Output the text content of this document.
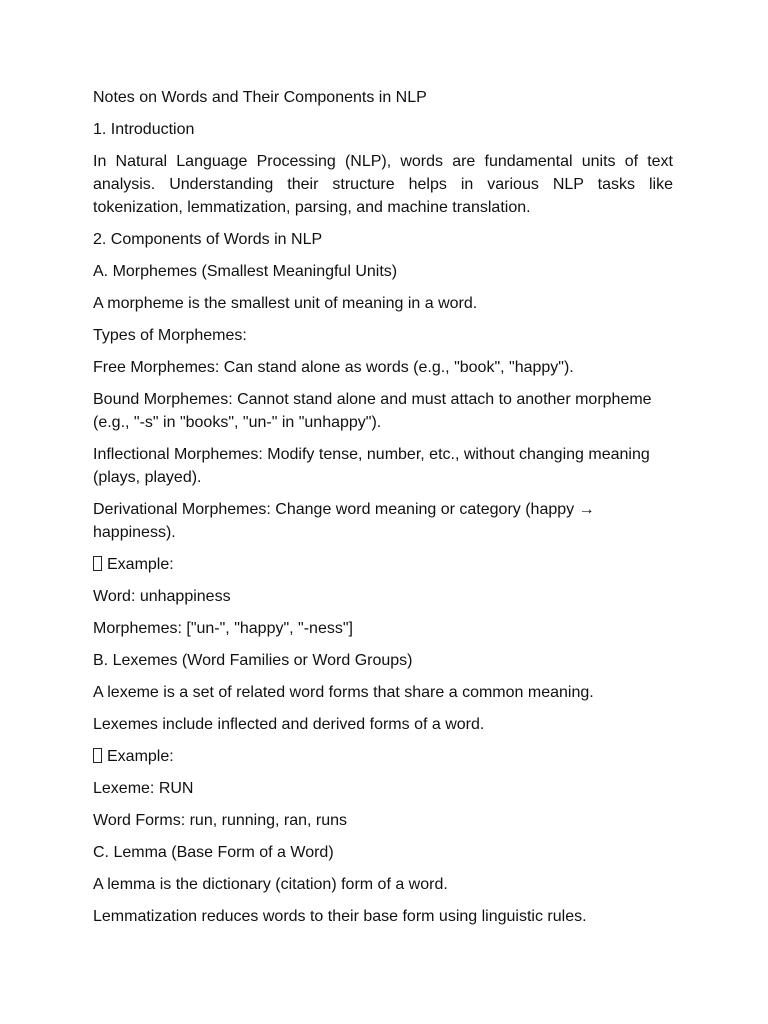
Notes on Words and Their Components in NLP

1. Introduction

In Natural Language Processing (NLP), words are fundamental units of text analysis. Understanding their structure helps in various NLP tasks like tokenization, lemmatization, parsing, and machine translation.

2. Components of Words in NLP

A. Morphemes (Smallest Meaningful Units)

A morpheme is the smallest unit of meaning in a word.

Types of Morphemes:

Free Morphemes: Can stand alone as words (e.g., "book", "happy").

Bound Morphemes: Cannot stand alone and must attach to another morpheme (e.g., "-s" in "books", "un-" in "unhappy").

Inflectional Morphemes: Modify tense, number, etc., without changing meaning (plays, played).

Derivational Morphemes: Change word meaning or category (happy → happiness).

Example:

Word: unhappiness

Morphemes: ["un-", "happy", "-ness"]

B. Lexemes (Word Families or Word Groups)

A lexeme is a set of related word forms that share a common meaning.

Lexemes include inflected and derived forms of a word.

Example:

Lexeme: RUN

Word Forms: run, running, ran, runs

C. Lemma (Base Form of a Word)

A lemma is the dictionary (citation) form of a word.

Lemmatization reduces words to their base form using linguistic rules.
